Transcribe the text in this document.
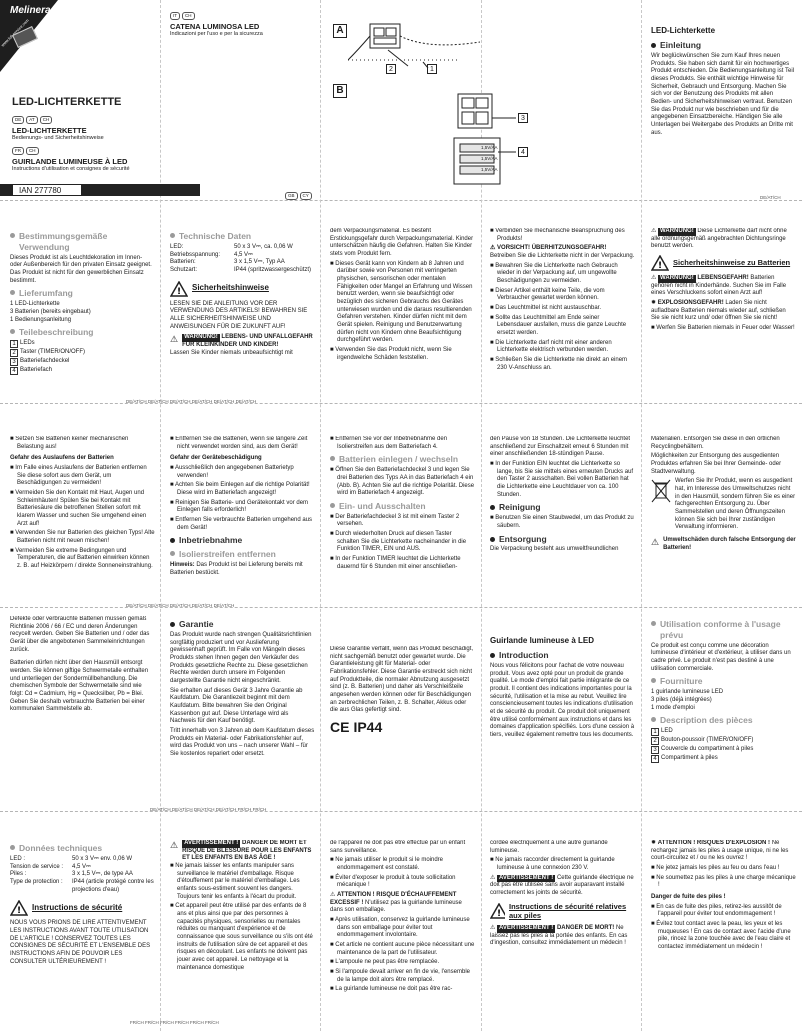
Melinera
LED-LICHTERKETTE
DE AT CH
LED-LICHTERKETTE
Bedienungs- und Sicherheitshinweise
FR CH
GUIRLANDE LUMINEUSE À LED
Instructions d'utilisation et consignes de sécurité
IAN 277780
IT CH
CATENA LUMINOSA LED
Indicazioni per l'uso e per la sicurezza
GB CY
A
2	1
B
1,5V/AA
1,5V/AA
1,5V/AA
3
4
LED-Lichterkette
Einleitung

Wir beglückwünschen Sie zum Kauf Ihres neuen Produkts. Sie haben sich damit für ein hochwertiges Produkt entschieden. Die Bedienungsanleitung ist Teil dieses Produkts. Sie enthält wichtige Hinweise für Sicherheit, Gebrauch und Entsorgung. Machen Sie sich vor der Benutzung des Produkts mit allen Bedien- und Sicherheitshinweisen vertraut. Benutzen Sie das Produkt nur wie beschrieben und für die angegebenen Einsatzbereiche. Händigen Sie alle Unterlagen bei Weitergabe des Produkts an Dritte mit aus.

DE/AT/CH
Bestimmungsgemäße Verwendung

Dieses Produkt ist als Leuchtdekoration im Innen- oder Außenbereich für den privaten Einsatz geeignet. Das Produkt ist nicht für den gewerblichen Einsatz bestimmt.

Lieferumfang
1 LED-Lichterkette
3 Batterien (bereits eingebaut)
1 Bedienungsanleitung
Teilebeschreibung
1 LEDs
2 Taster (TIMER/ON/OFF)
3 Batteriefachdeckel
4 Batteriefach
Technische Daten
LED:	50 x 3 V⎓, ca. 0,06 W
Betriebsspannung:	4,5 V⎓
Batterien:	3 x 1,5 V⎓, Typ AA
Schutzart:	IP44 (spritzwassergeschützt)
! Sicherheitshinweise

LESEN SIE DIE ANLEITUNG VOR DER VERWENDUNG DES ARTIKELS! BEWAHREN SIE ALLE SICHERHEITSHINWEISE UND ANWEISUNGEN FÜR DIE ZUKUNFT AUF!

⚠	WARNUNG! LEBENS- UND UNFALLGEFAHR FÜR KLEINKINDER UND KINDER!

Lassen Sie Kinder niemals unbeaufsichtigt mit

dem Verpackungsmaterial. Es besteht Erstickungsgefahr durch Verpackungsmaterial. Kinder unterschätzen häufig die Gefahren. Halten Sie Kinder stets vom Produkt fern.

■ Dieses Gerät kann von Kindern ab 8 Jahren und darüber sowie von Personen mit verringerten physischen, sensorischen oder mentalen Fähigkeiten oder Mangel an Erfahrung und Wissen benutzt werden, wenn sie beaufsichtigt oder bezüglich des sicheren Gebrauchs des Gerätes unterwiesen wurden und die daraus resultierenden Gefahren verstehen. Kinder dürfen nicht mit dem Gerät spielen. Reinigung und Benutzerwartung dürfen nicht von Kindern ohne Beaufsichtigung durchgeführt werden.

■ Verwenden Sie das Produkt nicht, wenn Sie irgendwelche Schäden feststellen.

■ Verbinden Sie mechanische Beanspruchung des Produkts!

⚠ VORSICHT! ÜBERHITZUNGSGEFAHR!

Betreiben Sie die Lichterkette nicht in der Verpackung.

■ Bewahren Sie die Lichterkette nach Gebrauch wieder in der Verpackung auf, um ungewollte Beschädigungen zu vermeiden.

■ Dieser Artikel enthält keine Teile, die vom Verbraucher gewartet werden können.

■ Das Leuchtmittel ist nicht austauschbar.

■ Sollte das Leuchtmittel am Ende seiner Lebensdauer ausfallen, muss die ganze Leuchte ersetzt werden.

■ Die Lichterkette darf nicht mit einer anderen Lichterkette elektrisch verbunden werden.

■ Schließen Sie die Lichterkette nie direkt an einem 230 V-Anschluss an.

⚠ WARNUNG! Diese Lichterkette darf nicht ohne alle ordnungsgemäß angebrachten Dichtungsringe benutzt werden.

! Sicherheitshinweise zu Batterien

⚠ WARNUNG! LEBENSGEFAHR! Batterien gehören nicht in Kinderhände. Suchen Sie im Falle eines Verschluckens sofort einen Arzt auf!

✹ EXPLOSIONSGEFAHR! Laden Sie nicht aufladbare Batterien niemals wieder auf, schließen Sie sie nicht kurz und/ oder öffnen Sie sie nicht!

■ Werfen Sie Batterien niemals in Feuer oder Wasser!

DE/AT/CH DE/AT/CH DE/AT/CH DE/AT/CH DE/AT/CH DE/AT/CH

■ Setzen Sie Batterien keiner mechanischen Belastung aus!

Gefahr des Auslaufens der Batterien

■ Im Falle eines Auslaufens der Batterien entfernen Sie diese sofort aus dem Gerät, um Beschädigungen zu vermeiden!

■ Vermeiden Sie den Kontakt mit Haut, Augen und Schleimhäuten! Spülen Sie bei Kontakt mit Batteriesäure die betroffenen Stellen sofort mit klarem Wasser und suchen Sie umgehend einen Arzt auf!

■ Verwenden Sie nur Batterien des gleichen Typs! Alte Batterien nicht mit neuen mischen!

■ Vermeiden Sie extreme Bedingungen und Temperaturen, die auf Batterien einwirken können z. B. auf Heizkörpern / direkte Sonneneinstrahlung.

■ Entfernen Sie die Batterien, wenn sie längere Zeit nicht verwendet worden sind, aus dem Gerät!

Gefahr der Gerätebeschädigung

■ Ausschließlich den angegebenen Batterietyp verwenden!

■ Achten Sie beim Einlegen auf die richtige Polarität! Diese wird im Batteriefach angezeigt!

■ Reinigen Sie Batterie- und Gerätekontakt vor dem Einlegen falls erforderlich!

■ Entfernen Sie verbrauchte Batterien umgehend aus dem Gerät!

Inbetriebnahme
Isolierstreifen entfernen

Hinweis: Das Produkt ist bei Lieferung bereits mit Batterien bestückt.

■ Entfernen Sie vor der Inbetriebnahme den Isolierstreifen aus dem Batteriefach 4.

Batterien einlegen / wechseln

■ Öffnen Sie den Batteriefachdeckel 3 und legen Sie drei Batterien des Typs AA in das Batteriefach 4 ein (Abb. B). Achten Sie auf die richtige Polarität. Diese wird im Batteriefach 4 angezeigt.

Ein- und Ausschalten

■ Der Batteriefachdeckel 3 ist mit einem Taster 2 versehen.

■ Durch wiederholten Druck auf diesen Taster schalten Sie die Lichterkette nacheinander in die Funktion TIMER, EIN und AUS.

■ In der Funktion TIMER leuchtet die Lichterkette dauernd für 6 Stunden mit einer anschließen-

den Pause von 18 Stunden. Die Lichterkette leuchtet anschließend zur Einschaltzeit erneut 6 Stunden mit einer anschließenden 18-stündigen Pause.

■ In der Funktion EIN leuchtet die Lichterkette so lange, bis Sie sie mittels eines erneuten Drucks auf den Taster 2 ausschalten. Bei vollen Batterien hat die Lichterkette eine Leuchtdauer von ca. 100 Stunden.

Reinigung

■ Benutzen Sie einen Staubwedel, um das Produkt zu säubern.

Entsorgung

Die Verpackung besteht aus umweltfreundlichen

Materialien. Entsorgen Sie diese in den örtlichen Recyclingbehältern.

Möglichkeiten zur Entsorgung des ausgedienten Produktes erfahren Sie bei Ihrer Gemeinde- oder Stadtverwaltung.

Werfen Sie Ihr Produkt, wenn es ausgedient hat, im Interesse des Umweltschutzes nicht in den Hausmüll, sondern führen Sie es einer fachgerechten Entsorgung zu. Über Sammelstellen und deren Öffnungszeiten können Sie sich bei Ihrer zuständigen Verwaltung informieren.

⚠ Umweltschäden durch falsche Entsorgung der Batterien!
DE/AT/CH DE/AT/CH DE/AT/CH DE/AT/CH DE/AT/CH

Defekte oder verbrauchte Batterien müssen gemäß Richtlinie 2006 / 66 / EC und deren Änderungen recycelt werden. Geben Sie Batterien und / oder das Gerät über die angebotenen Sammeleinrichtungen zurück.

Batterien dürfen nicht über den Hausmüll entsorgt werden. Sie können giftige Schwermetalle enthalten und unterliegen der Sondermüllbehandlung. Die chemischen Symbole der Schwermetalle sind wie folgt: Cd = Cadmium, Hg = Quecksilber, Pb = Blei. Geben Sie deshalb verbrauchte Batterien bei einer kommunalen Sammelstelle ab.

Garantie

Das Produkt wurde nach strengen Qualitätsrichtlinien sorgfältig produziert und vor Auslieferung gewissenhaft geprüft. Im Falle von Mängeln dieses Produkts stehen Ihnen gegen den Verkäufer des Produkts gesetzliche Rechte zu. Diese gesetzlichen Rechte werden durch unsere im Folgenden dargestellte Garantie nicht eingeschränkt.

Sie erhalten auf dieses Gerät 3 Jahre Garantie ab Kaufdatum. Die Garantiezeit beginnt mit dem Kaufdatum. Bitte bewahren Sie den Original Kassenbon gut auf. Diese Unterlage wird als Nachweis für den Kauf benötigt.

Tritt innerhalb von 3 Jahren ab dem Kaufdatum dieses Produkts ein Material- oder Fabrikationsfehler auf, wird das Produkt von uns – nach unserer Wahl – für Sie kostenlos repariert oder ersetzt.

Diese Garantie verfällt, wenn das Produkt beschädigt, nicht sachgemäß benutzt oder gewartet wurde. Die Garantieleistung gilt für Material- oder Fabrikationsfehler. Diese Garantie erstreckt sich nicht auf Produktteile, die normaler Abnutzung ausgesetzt sind (z. B. Batterien) und daher als Verschleißteile angesehen werden können oder für Beschädigungen an zerbrechlichen Teilen, z. B. Schalter, Akkus oder die aus Glas gefertigt sind.

CE IP44
Guirlande lumineuse à LED
Introduction

Nous vous félicitons pour l'achat de votre nouveau produit. Vous avez opté pour un produit de grande qualité. Le mode d'emploi fait partie intégrante de ce produit. Il contient des indications importantes pour la sécurité, l'utilisation et la mise au rebut. Veuillez lire consciencieusement toutes les indications d'utilisation et de sécurité du produit. Ce produit doit uniquement être utilisé conformément aux instructions et dans les domaines d'application spécifiés. Lors d'une cession à tiers, veuillez également remettre tous les documents.

Utilisation conforme à l'usage prévu

Ce produit est conçu comme une décoration lumineuse d'intérieur et d'extérieur, à utiliser dans un cadre privé. Le produit n'est pas destiné à une utilisation commerciale.

Fourniture
1 guirlande lumineuse LED
3 piles (déjà intégrées)
1 mode d'emploi
Description des pièces
1 LED
2 Bouton-poussoir (TIMER/ON/OFF)
3 Couvercle du compartiment à piles
4 Compartiment à piles
DE/AT/CH DE/AT/CH DE/AT/CH DE/AT/CH FR/CH FR/CH
Données techniques
LED :	50 x 3 V⎓ env. 0,06 W
Tension de service :	4,5 V⎓
Piles :	3 x 1,5 V⎓, de type AA
Type de protection :	IP44 (article protégé contre les projections d'eau)
! Instructions de sécurité

NOUS VOUS PRIONS DE LIRE ATTENTIVEMENT LES INSTRUCTIONS AVANT TOUTE UTILISATION DE L'ARTICLE ! CONSERVEZ TOUTES LES CONSIGNES DE SÉCURITÉ ET L'ENSEMBLE DES INSTRUCTIONS AFIN DE POUVOIR LES CONSULTER ULTÉRIEUREMENT !

⚠	AVERTISSEMENT ! DANGER DE MORT ET RISQUE DE BLESSURE POUR LES ENFANTS ET LES ENFANTS EN BAS ÂGE !

■ Ne jamais laisser les enfants manipuler sans surveillance le matériel d'emballage. Risque d'étouffement par le matériel d'emballage. Les enfants sous-estiment souvent les dangers. Toujours tenir les enfants à l'écart du produit.

■ Cet appareil peut être utilisé par des enfants de 8 ans et plus ainsi que par des personnes à capacités physiques, sensorielles ou mentales réduites ou manquant d'expérience et de connaissance que sous surveillance ou s'ils ont été instruits de l'utilisation sûre de cet appareil et des risques en découlant. Les enfants ne doivent pas jouer avec cet appareil. Le nettoyage et la maintenance domestique

de l'appareil ne doit pas être effectué par un enfant sans surveillance.

■ Ne jamais utiliser le produit si le moindre endommagement est constaté.

■ Éviter d'exposer le produit à toute sollicitation mécanique !

⚠ ATTENTION ! RISQUE D'ÉCHAUFFEMENT EXCESSIF ! N'utilisez pas la guirlande lumineuse dans son emballage.

■ Après utilisation, conservez la guirlande lumineuse dans son emballage pour éviter tout endommagement involontaire.

■ Cet article ne contient aucune pièce nécessitant une maintenance de la part de l'utilisateur.

■ L'ampoule ne peut pas être remplacée.

■ Si l'ampoule devait arriver en fin de vie, l'ensemble de la lampe doit alors être remplacé.

■ La guirlande lumineuse ne doit pas être rac-

cordée électriquement à une autre guirlande lumineuse.

■ Ne jamais raccorder directement la guirlande lumineuse à une connexion 230 V.

⚠ AVERTISSEMENT ! Cette guirlande électrique ne doit pas être utilisée sans avoir auparavant installé correctement les joints de sécurité.

!
Instructions de sécurité relatives aux piles

⚠ AVERTISSEMENT ! DANGER DE MORT! Ne laissez pas les piles à la portée des enfants. En cas d'ingestion, consultez immédiatement un médecin !

✹ ATTENTION ! RISQUES D'EXPLOSION ! Ne rechargez jamais les piles à usage unique, ni ne les court-circuitez et / ou ne les ouvrez !

■ Ne jetez jamais les piles au feu ou dans l'eau !

■ Ne soumettez pas les piles à une charge mécanique !

Danger de fuite des piles !

■ En cas de fuite des piles, retirez-les aussitôt de l'appareil pour éviter tout endommagement !

■ Évitez tout contact avec la peau, les yeux et les muqueuses ! En cas de contact avec l'acide d'une pile, rincez la zone touchée avec de l'eau claire et contactez immédiatement un médecin !

FR/CH FR/CH FR/CH FR/CH FR/CH FR/CH
